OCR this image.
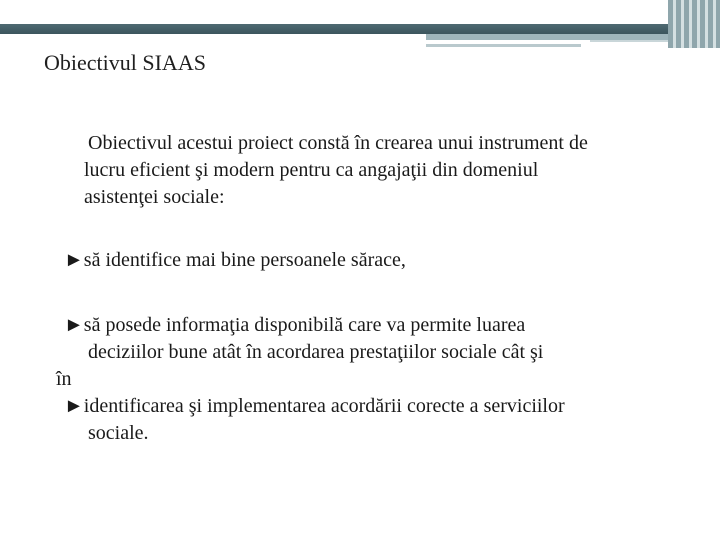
Obiectivul SIAAS
Obiectivul acestui proiect constă în crearea unui instrument de
lucru eficient şi modern pentru ca angajaţii din domeniul
asistenţei sociale:
►să identifice mai bine persoanele sărace,
►să posede informaţia disponibilă care va permite luarea
deciziilor bune atât în acordarea prestaţiilor sociale cât şi
în
►identificarea şi implementarea acordării corecte a serviciilor
sociale.
